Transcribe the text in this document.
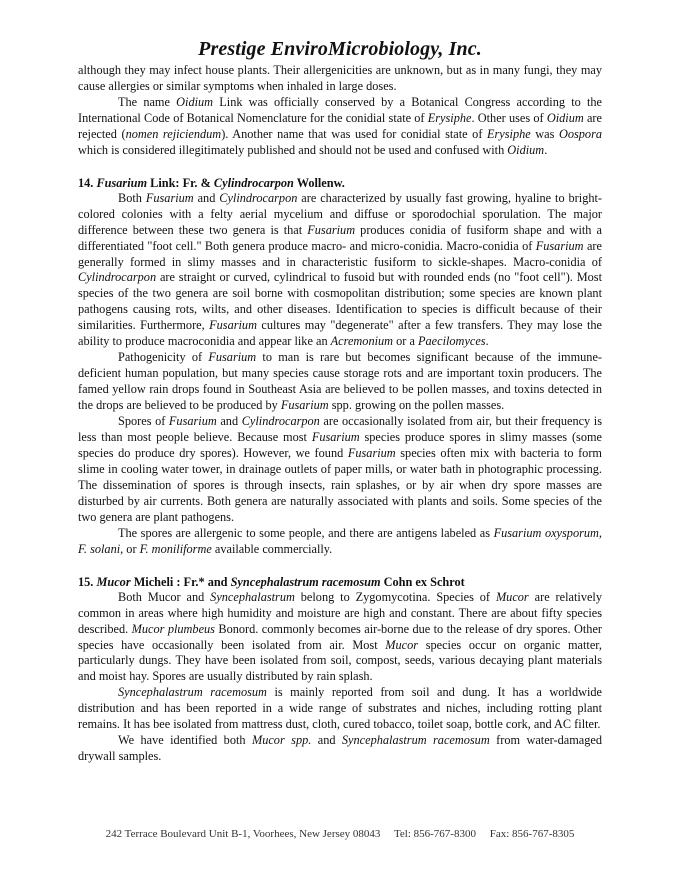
Prestige EnviroMicrobiology, Inc.

although they may infect house plants. Their allergenicities are unknown, but as in many fungi, they may cause allergies or similar symptoms when inhaled in large doses.

The name Oidium Link was officially conserved by a Botanical Congress according to the International Code of Botanical Nomenclature for the conidial state of Erysiphe. Other uses of Oidium are rejected (nomen rejiciendum). Another name that was used for conidial state of Erysiphe was Oospora which is considered illegitimately published and should not be used and confused with Oidium.

14. Fusarium Link: Fr. & Cylindrocarpon Wollenw.

Both Fusarium and Cylindrocarpon are characterized by usually fast growing, hyaline to bright-colored colonies with a felty aerial mycelium and diffuse or sporodochial sporulation. The major difference between these two genera is that Fusarium produces conidia of fusiform shape and with a differentiated "foot cell." Both genera produce macro- and micro-conidia. Macro-conidia of Fusarium are generally formed in slimy masses and in characteristic fusiform to sickle-shapes. Macro-conidia of Cylindrocarpon are straight or curved, cylindrical to fusoid but with rounded ends (no "foot cell"). Most species of the two genera are soil borne with cosmopolitan distribution; some species are known plant pathogens causing rots, wilts, and other diseases. Identification to species is difficult because of their similarities. Furthermore, Fusarium cultures may "degenerate" after a few transfers. They may lose the ability to produce macroconidia and appear like an Acremonium or a Paecilomyces.

Pathogenicity of Fusarium to man is rare but becomes significant because of the immune-deficient human population, but many species cause storage rots and are important toxin producers. The famed yellow rain drops found in Southeast Asia are believed to be pollen masses, and toxins detected in the drops are believed to be produced by Fusarium spp. growing on the pollen masses.

Spores of Fusarium and Cylindrocarpon are occasionally isolated from air, but their frequency is less than most people believe. Because most Fusarium species produce spores in slimy masses (some species do produce dry spores). However, we found Fusarium species often mix with bacteria to form slime in cooling water tower, in drainage outlets of paper mills, or water bath in photographic processing. The dissemination of spores is through insects, rain splashes, or by air when dry spore masses are disturbed by air currents. Both genera are naturally associated with plants and soils. Some species of the two genera are plant pathogens.

The spores are allergenic to some people, and there are antigens labeled as Fusarium oxysporum, F. solani, or F. moniliforme available commercially.

15. Mucor Micheli : Fr.* and Syncephalastrum racemosum Cohn ex Schrot

Both Mucor and Syncephalastrum belong to Zygomycotina. Species of Mucor are relatively common in areas where high humidity and moisture are high and constant. There are about fifty species described. Mucor plumbeus Bonord. commonly becomes air-borne due to the release of dry spores. Other species have occasionally been isolated from air. Most Mucor species occur on organic matter, particularly dungs. They have been isolated from soil, compost, seeds, various decaying plant materials and moist hay. Spores are usually distributed by rain splash.

Syncephalastrum racemosum is mainly reported from soil and dung. It has a worldwide distribution and has been reported in a wide range of substrates and niches, including rotting plant remains. It has bee isolated from mattress dust, cloth, cured tobacco, toilet soap, bottle cork, and AC filter.

We have identified both Mucor spp. and Syncephalastrum racemosum from water-damaged drywall samples.

242 Terrace Boulevard Unit B-1, Voorhees, New Jersey 08043 Tel: 856-767-8300 Fax: 856-767-8305
